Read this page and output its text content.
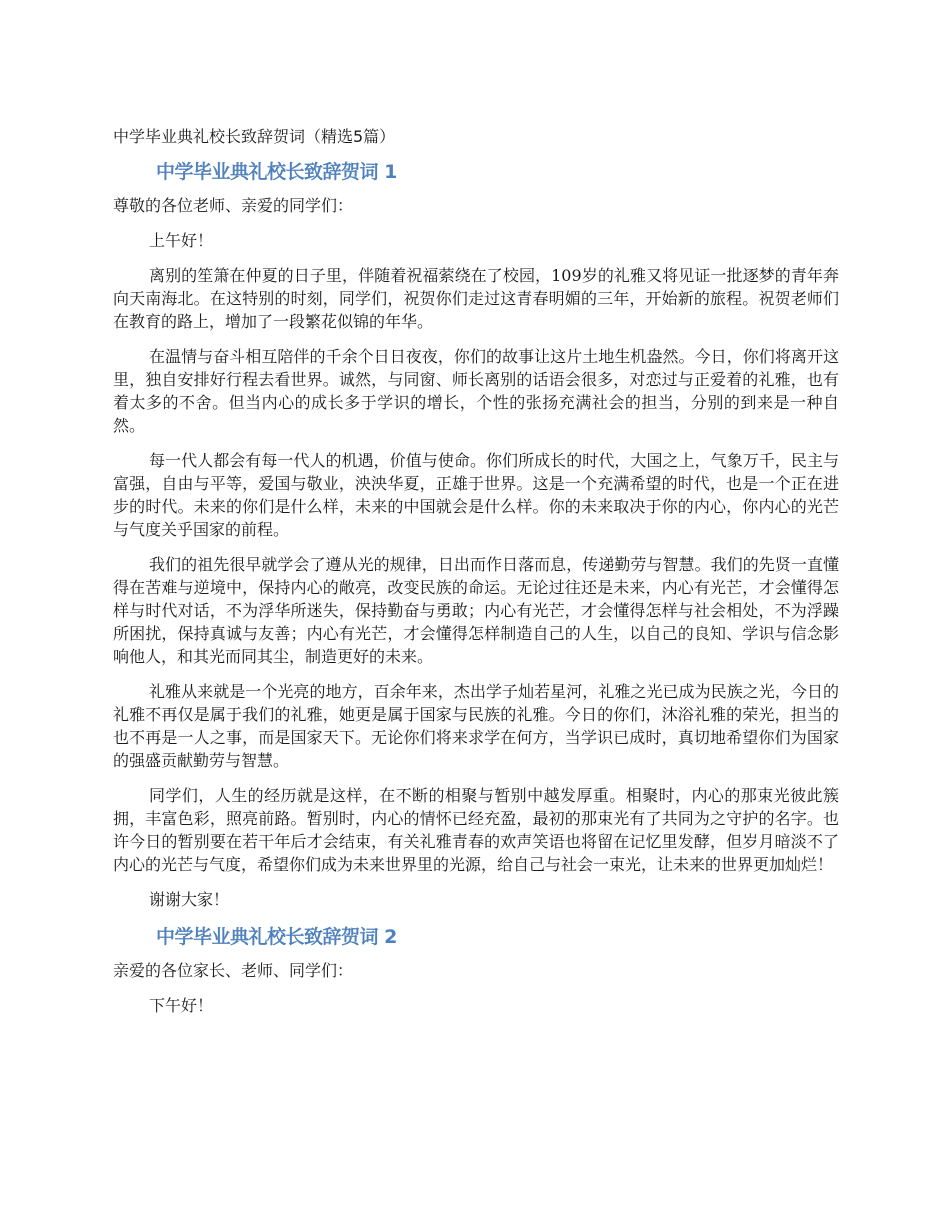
中学毕业典礼校长致辞贺词（精选5篇）
中学毕业典礼校长致辞贺词 1

尊敬的各位老师、亲爱的同学们：

上午好！

离别的笙箫在仲夏的日子里，伴随着祝福萦绕在了校园，109岁的礼雅又将见证一批逐梦的青年奔向天南海北。在这特别的时刻，同学们，祝贺你们走过这青春明媚的三年，开始新的旅程。祝贺老师们在教育的路上，增加了一段繁花似锦的年华。

在温情与奋斗相互陪伴的千余个日日夜夜，你们的故事让这片土地生机盎然。今日，你们将离开这里，独自安排好行程去看世界。诚然，与同窗、师长离别的话语会很多，对恋过与正爱着的礼雅，也有着太多的不舍。但当内心的成长多于学识的增长，个性的张扬充满社会的担当，分别的到来是一种自然。

每一代人都会有每一代人的机遇，价值与使命。你们所成长的时代，大国之上，气象万千，民主与富强，自由与平等，爱国与敬业，泱泱华夏，正雄于世界。这是一个充满希望的时代，也是一个正在进步的时代。未来的你们是什么样，未来的中国就会是什么样。你的未来取决于你的内心，你内心的光芒与气度关乎国家的前程。

我们的祖先很早就学会了遵从光的规律，日出而作日落而息，传递勤劳与智慧。我们的先贤一直懂得在苦难与逆境中，保持内心的敞亮，改变民族的命运。无论过往还是未来，内心有光芒，才会懂得怎样与时代对话，不为浮华所迷失，保持勤奋与勇敢；内心有光芒，才会懂得怎样与社会相处，不为浮躁所困扰，保持真诚与友善；内心有光芒，才会懂得怎样制造自己的人生，以自己的良知、学识与信念影响他人，和其光而同其尘，制造更好的未来。

礼雅从来就是一个光亮的地方，百余年来，杰出学子灿若星河，礼雅之光已成为民族之光，今日的礼雅不再仅是属于我们的礼雅，她更是属于国家与民族的礼雅。今日的你们，沐浴礼雅的荣光，担当的也不再是一人之事，而是国家天下。无论你们将来求学在何方，当学识已成时，真切地希望你们为国家的强盛贡献勤劳与智慧。

同学们，人生的经历就是这样，在不断的相聚与暂别中越发厚重。相聚时，内心的那束光彼此簇拥，丰富色彩，照亮前路。暂别时，内心的情怀已经充盈，最初的那束光有了共同为之守护的名字。也许今日的暂别要在若干年后才会结束，有关礼雅青春的欢声笑语也将留在记忆里发酵，但岁月暗淡不了内心的光芒与气度，希望你们成为未来世界里的光源，给自己与社会一束光，让未来的世界更加灿烂！

谢谢大家！

中学毕业典礼校长致辞贺词 2

亲爱的各位家长、老师、同学们：

下午好！
